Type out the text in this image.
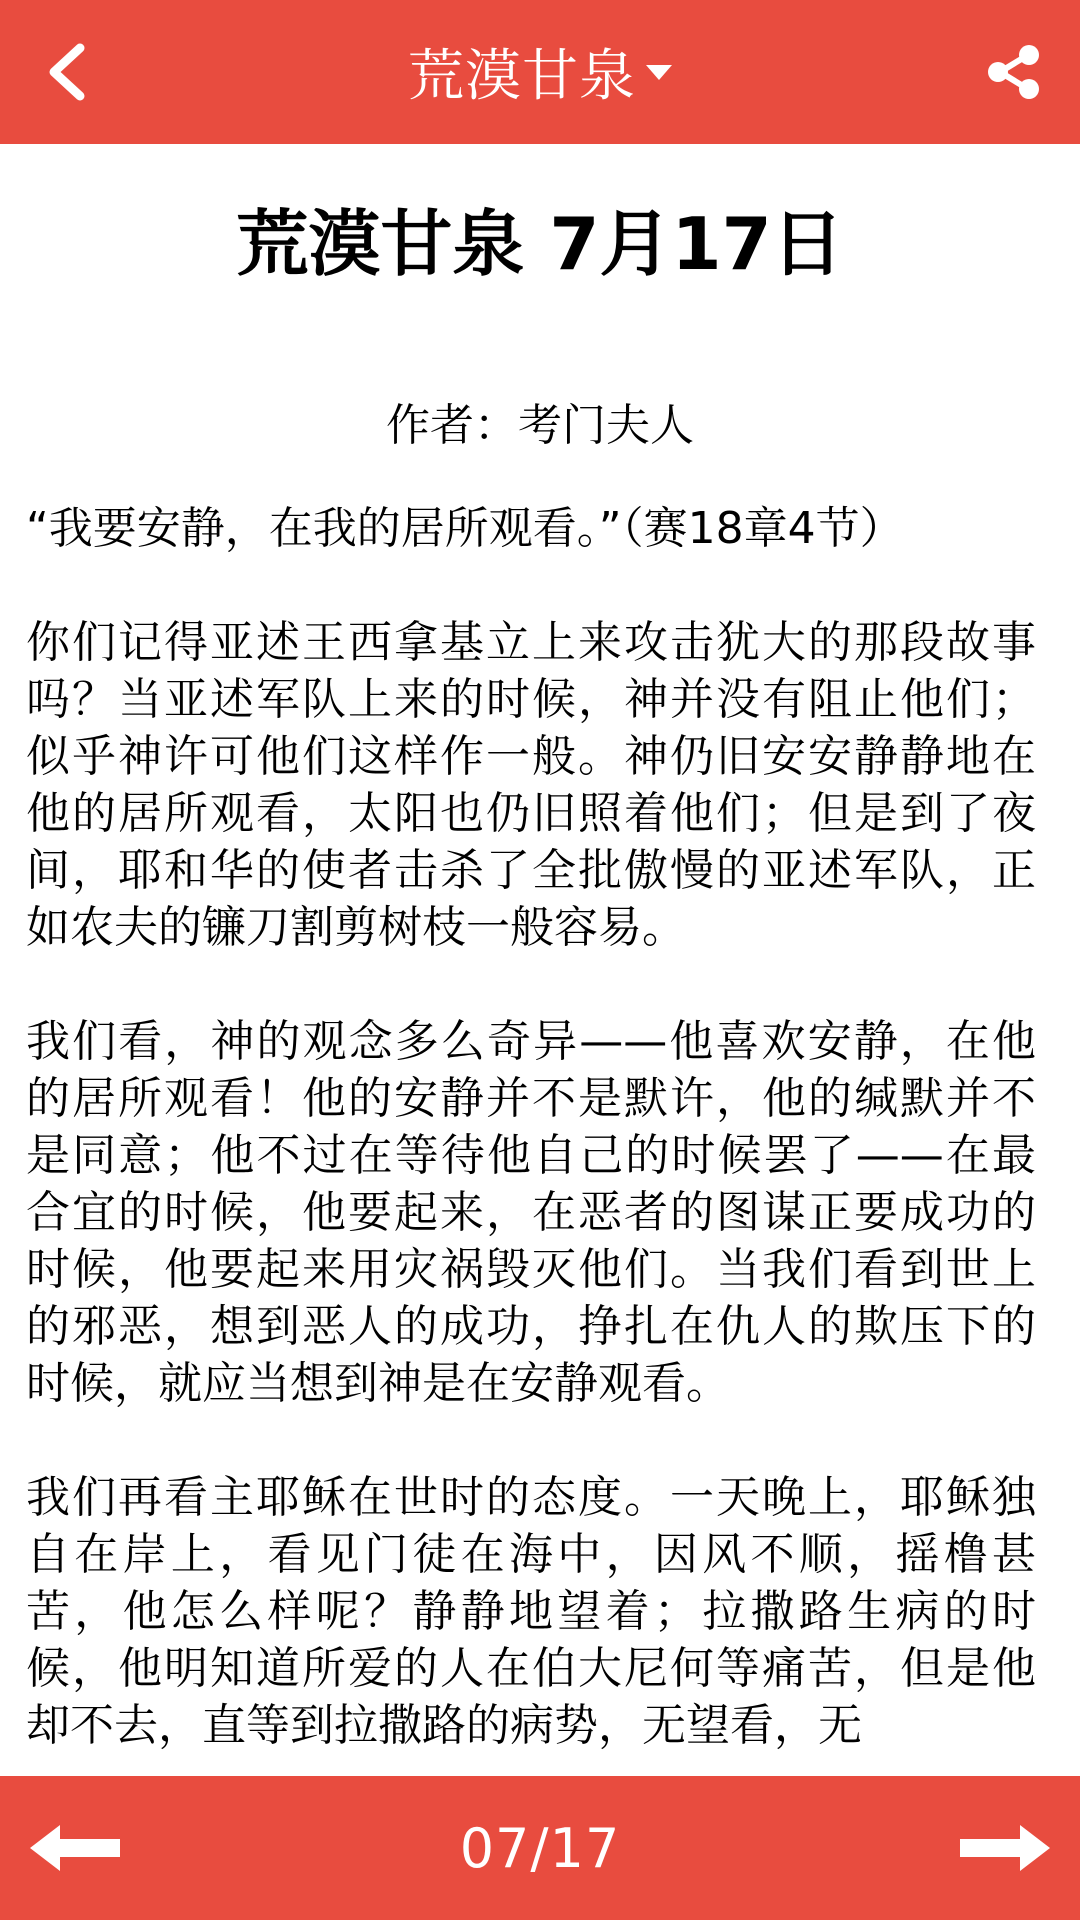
荒漠甘泉
荒漠甘泉 7月17日
作者：考门夫人

“我要安静，在我的居所观看。”（赛18章4节）

你们记得亚述王西拿基立上来攻击犹大的那段故事吗？当亚述军队上来的时候，神并没有阻止他们；似乎神许可他们这样作一般。神仍旧安安静静地在他的居所观看，太阳也仍旧照着他们；但是到了夜间，耶和华的使者击杀了全批傲慢的亚述军队，正如农夫的镰刀割剪树枝一般容易。

我们看，神的观念多么奇异——他喜欢安静，在他的居所观看！他的安静并不是默许，他的缄默并不是同意；他不过在等待他自己的时候罢了——在最合宜的时候，他要起来，在恶者的图谋正要成功的时候，他要起来用灾祸毁灭他们。当我们看到世上的邪恶，想到恶人的成功，挣扎在仇人的欺压下的时候，就应当想到神是在安静观看。

我们再看主耶稣在世时的态度。一天晚上，耶稣独自在岸上，看见门徒在海中，因风不顺，摇橹甚苦，他怎么样呢？静静地望着；拉撒路生病的时候，他明知道所爱的人在伯大尼何等痛苦，但是他却不去，直等到拉撒路的病势，无望看，无

07/17
